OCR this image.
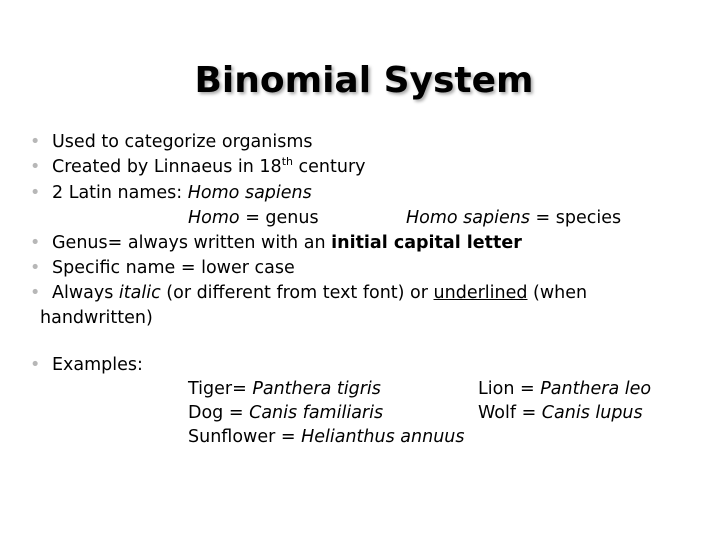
Binomial System
• Used to categorize organisms
• Created by Linnaeus in 18th century
• 2 Latin names: Homo sapiens
Homo = genus	Homo sapiens = species
• Genus= always written with an initial capital letter
• Specific name = lower case
• Always italic (or different from text font) or underlined (when
handwritten)
• Examples:
Tiger= Panthera tigris	Lion = Panthera leo
Dog = Canis familiaris	Wolf = Canis lupus
Sunflower = Helianthus annuus
